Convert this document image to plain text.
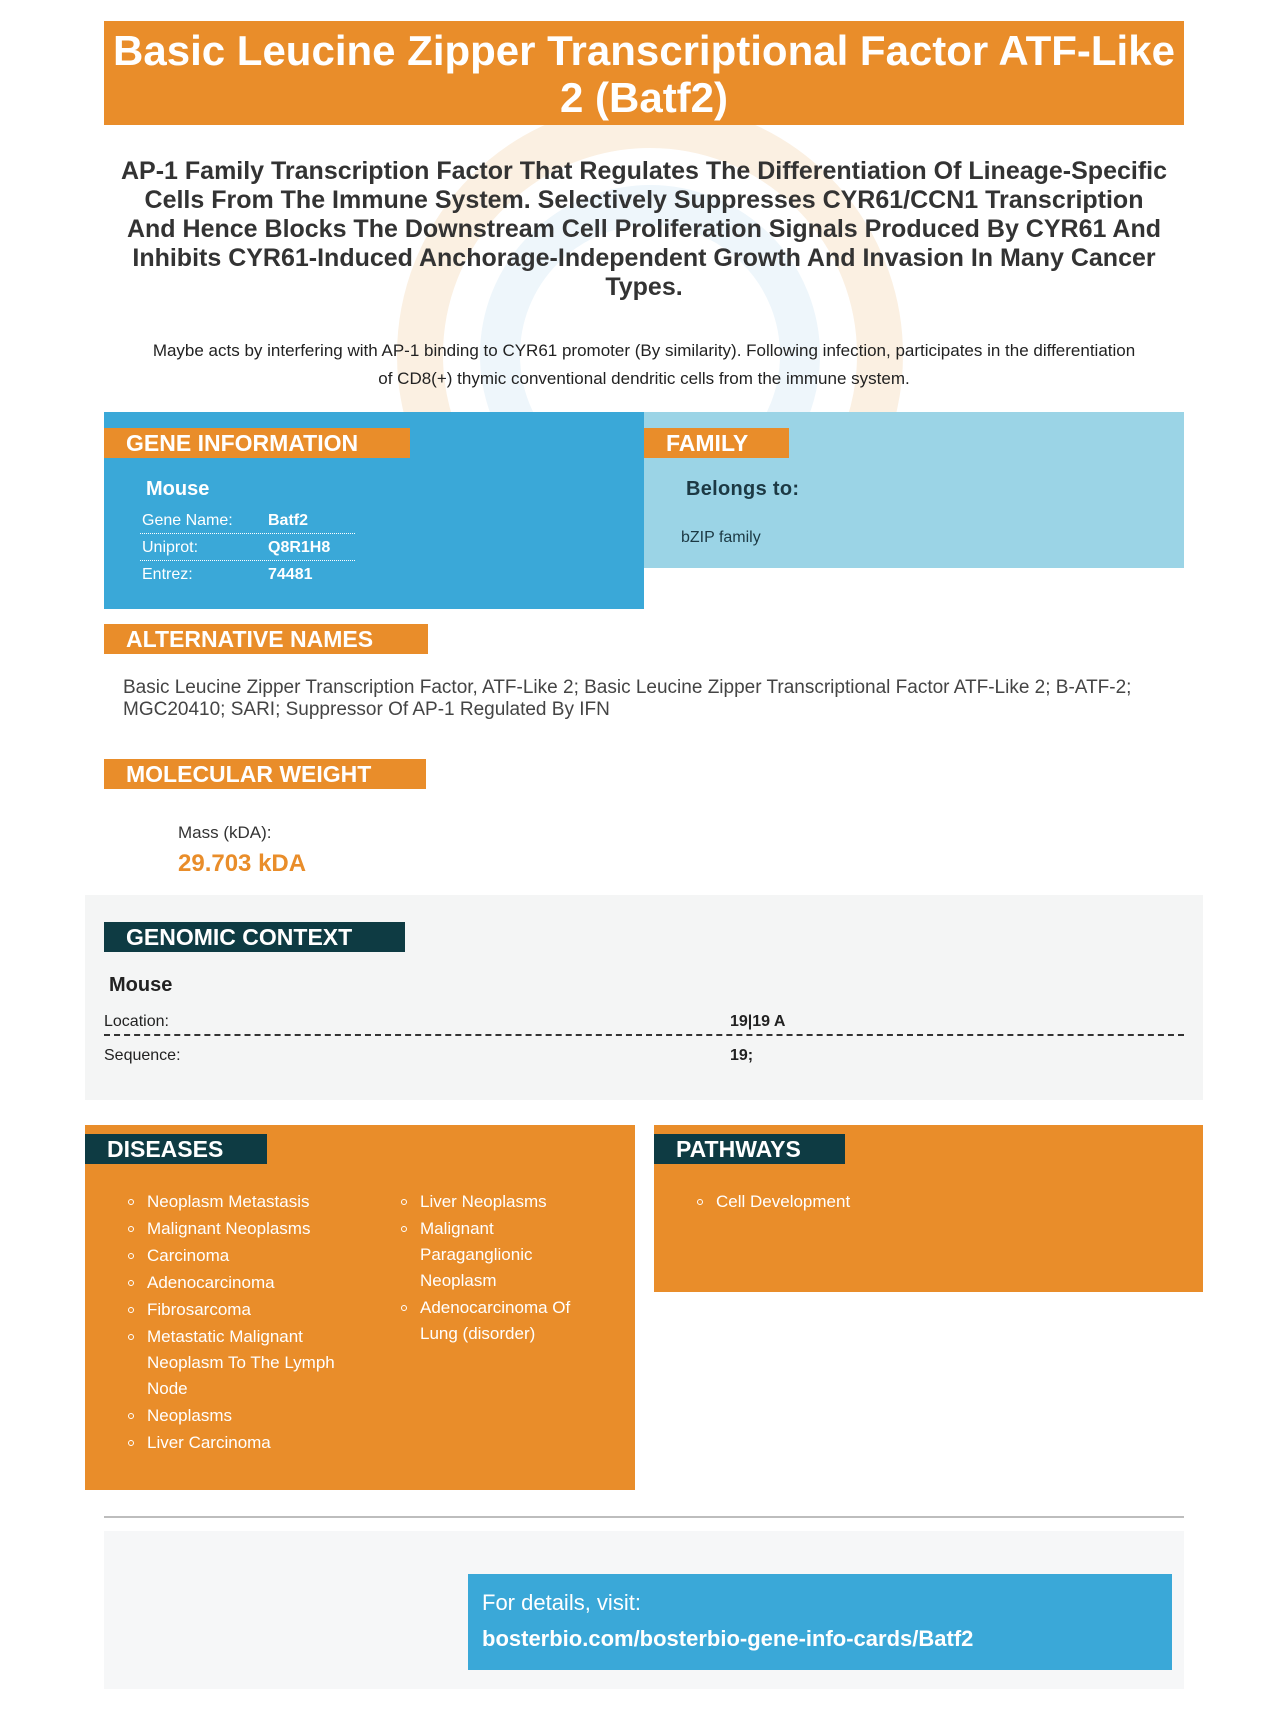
Basic Leucine Zipper Transcriptional Factor ATF-Like 2 (Batf2)
AP-1 Family Transcription Factor That Regulates The Differentiation Of Lineage-Specific Cells From The Immune System. Selectively Suppresses CYR61/CCN1 Transcription And Hence Blocks The Downstream Cell Proliferation Signals Produced By CYR61 And Inhibits CYR61-Induced Anchorage-Independent Growth And Invasion In Many Cancer Types.
Maybe acts by interfering with AP-1 binding to CYR61 promoter (By similarity). Following infection, participates in the differentiation of CD8(+) thymic conventional dendritic cells from the immune system.
GENE INFORMATION	FAMILY
Mouse
Gene Name: Batf2
Uniprot:	Q8R1H8
Entrez:	74481
Belongs to:
bZIP family
ALTERNATIVE NAMES
Basic Leucine Zipper Transcription Factor, ATF-Like 2; Basic Leucine Zipper Transcriptional Factor ATF-Like 2; B-ATF-2; MGC20410; SARI; Suppressor Of AP-1 Regulated By IFN
MOLECULAR WEIGHT
Mass (kDA):
29.703 kDA
GENOMIC CONTEXT
Mouse
Location:	19|19 A
Sequence:	19;
DISEASES
Neoplasm Metastasis
Malignant Neoplasms
Carcinoma
Adenocarcinoma
Fibrosarcoma
Metastatic Malignant Neoplasm To The Lymph Node
Neoplasms
Liver Carcinoma
Liver Neoplasms
Malignant Paraganglionic Neoplasm
Adenocarcinoma Of Lung (disorder)
PATHWAYS
Cell Development
For details, visit:
bosterbio.com/bosterbio-gene-info-cards/Batf2
